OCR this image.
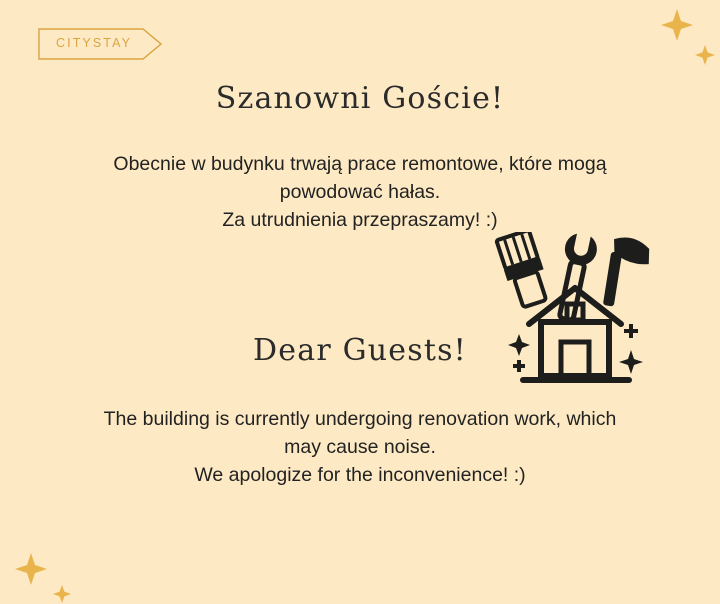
CITYSTAY
Szanowni Goście!
Obecnie w budynku trwają prace remontowe, które mogą
powodować hałas.
Za utrudnienia przepraszamy! :)
Dear Guests!
The building is currently undergoing renovation work, which
may cause noise.
We apologize for the inconvenience! :)
